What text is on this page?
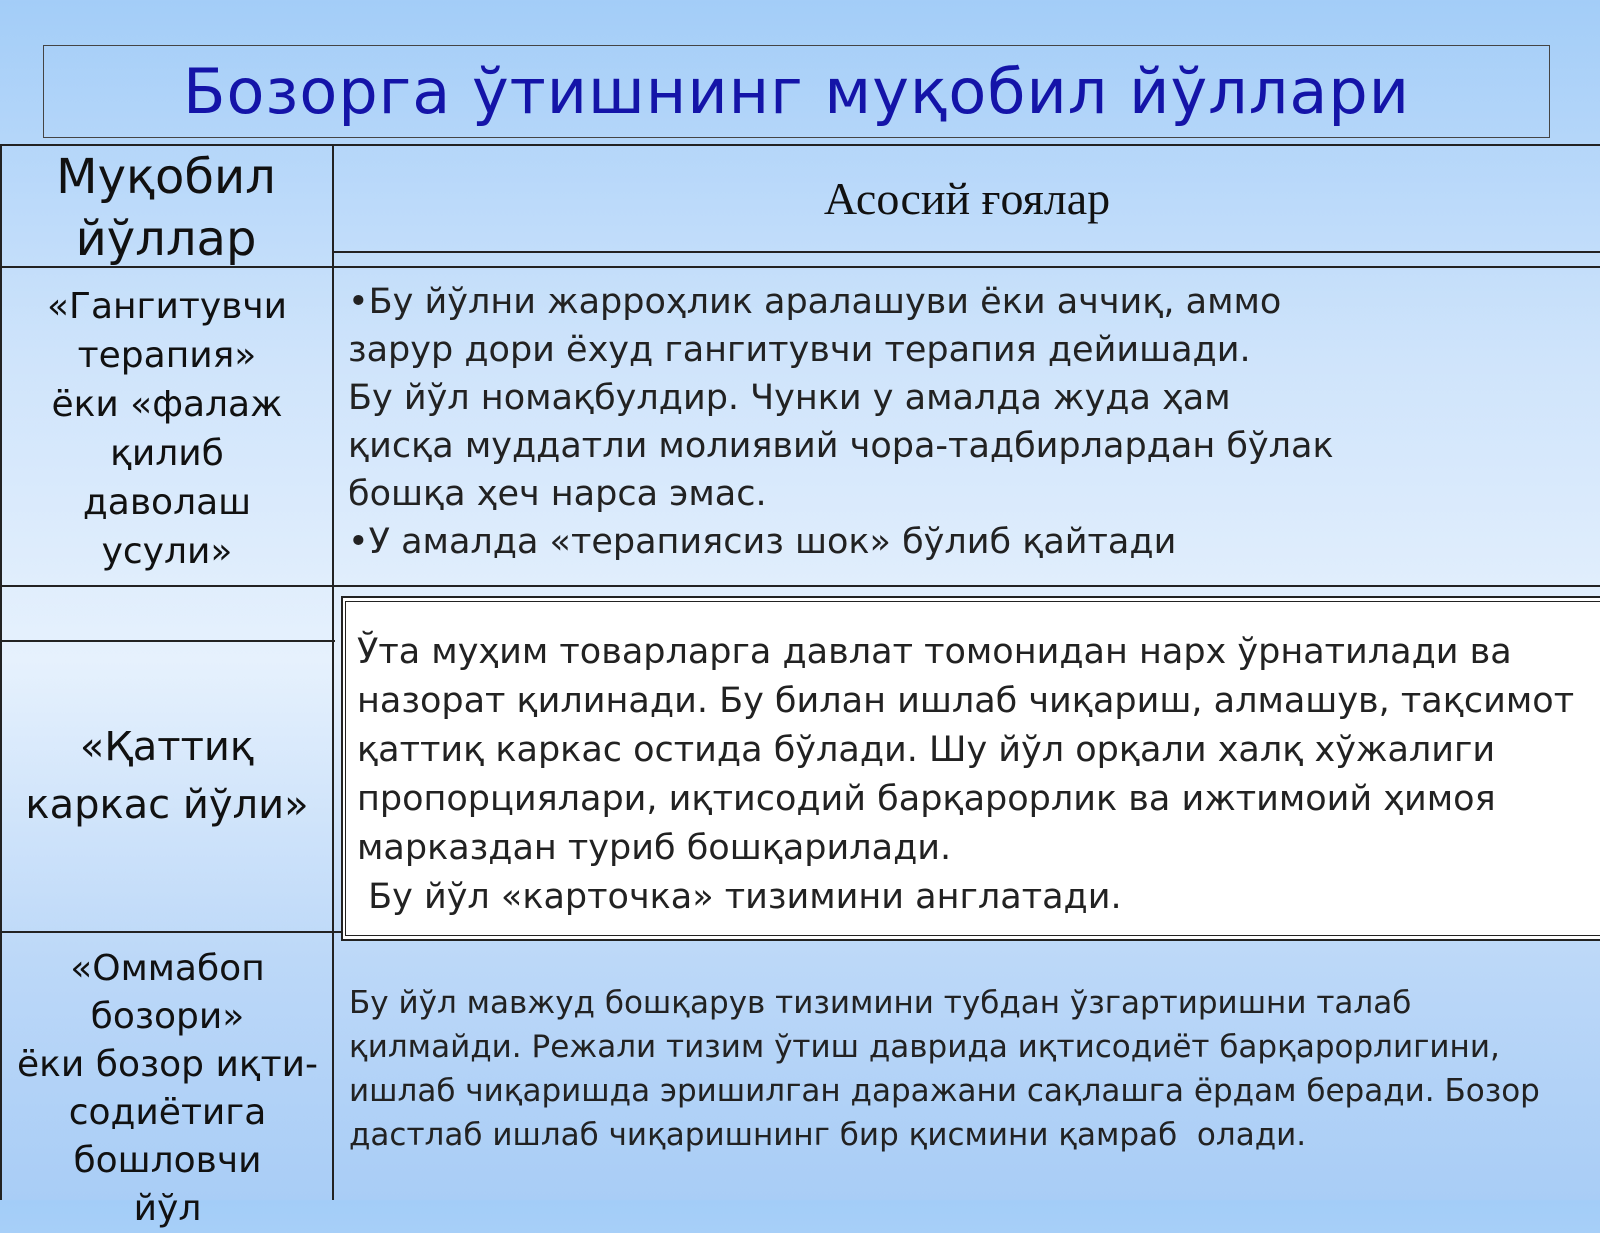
Бозорга ўтишнинг муқобил йўллари
Муқобил
йўллар
Асосий ғоялар
«Гангитувчи
терапия»
ёки «фалаж
қилиб
даволаш
усули»
•Бу йўлни жарроҳлик аралашуви ёки аччиқ, аммо
зарур дори ёхуд гангитувчи терапия дейишади.
Бу йўл номақбулдир. Чунки у амалда жуда ҳам
қисқа муддатли молиявий чора-тадбирлардан бўлак
бошқа ҳеч нарса эмас.
•У амалда «терапиясиз шок» бўлиб қайтади
«Қаттиқ
каркас йўли»
Ўта муҳим товарларга давлат томонидан нарх ўрнатилади ва
назорат қилинади. Бу билан ишлаб чиқариш, алмашув, тақсимот
қаттиқ каркас остида бўлади. Шу йўл орқали халқ хўжалиги
пропорциялари, иқтисодий барқарорлик ва ижтимоий ҳимоя
марказдан туриб бошқарилади.
Бу йўл «карточка» тизимини англатади.
«Оммабоп бозори»
ёки бозор иқти-
содиётига
бошловчи
йўл
Бу йўл мавжуд бошқарув тизимини тубдан ўзгартиришни талаб
қилмайди. Режали тизим ўтиш даврида иқтисодиёт барқарорлигини,
ишлаб чиқаришда эришилган даражани сақлашга ёрдам беради. Бозор
дастлаб ишлаб чиқаришнинг бир қисмини қамраб  олади.
